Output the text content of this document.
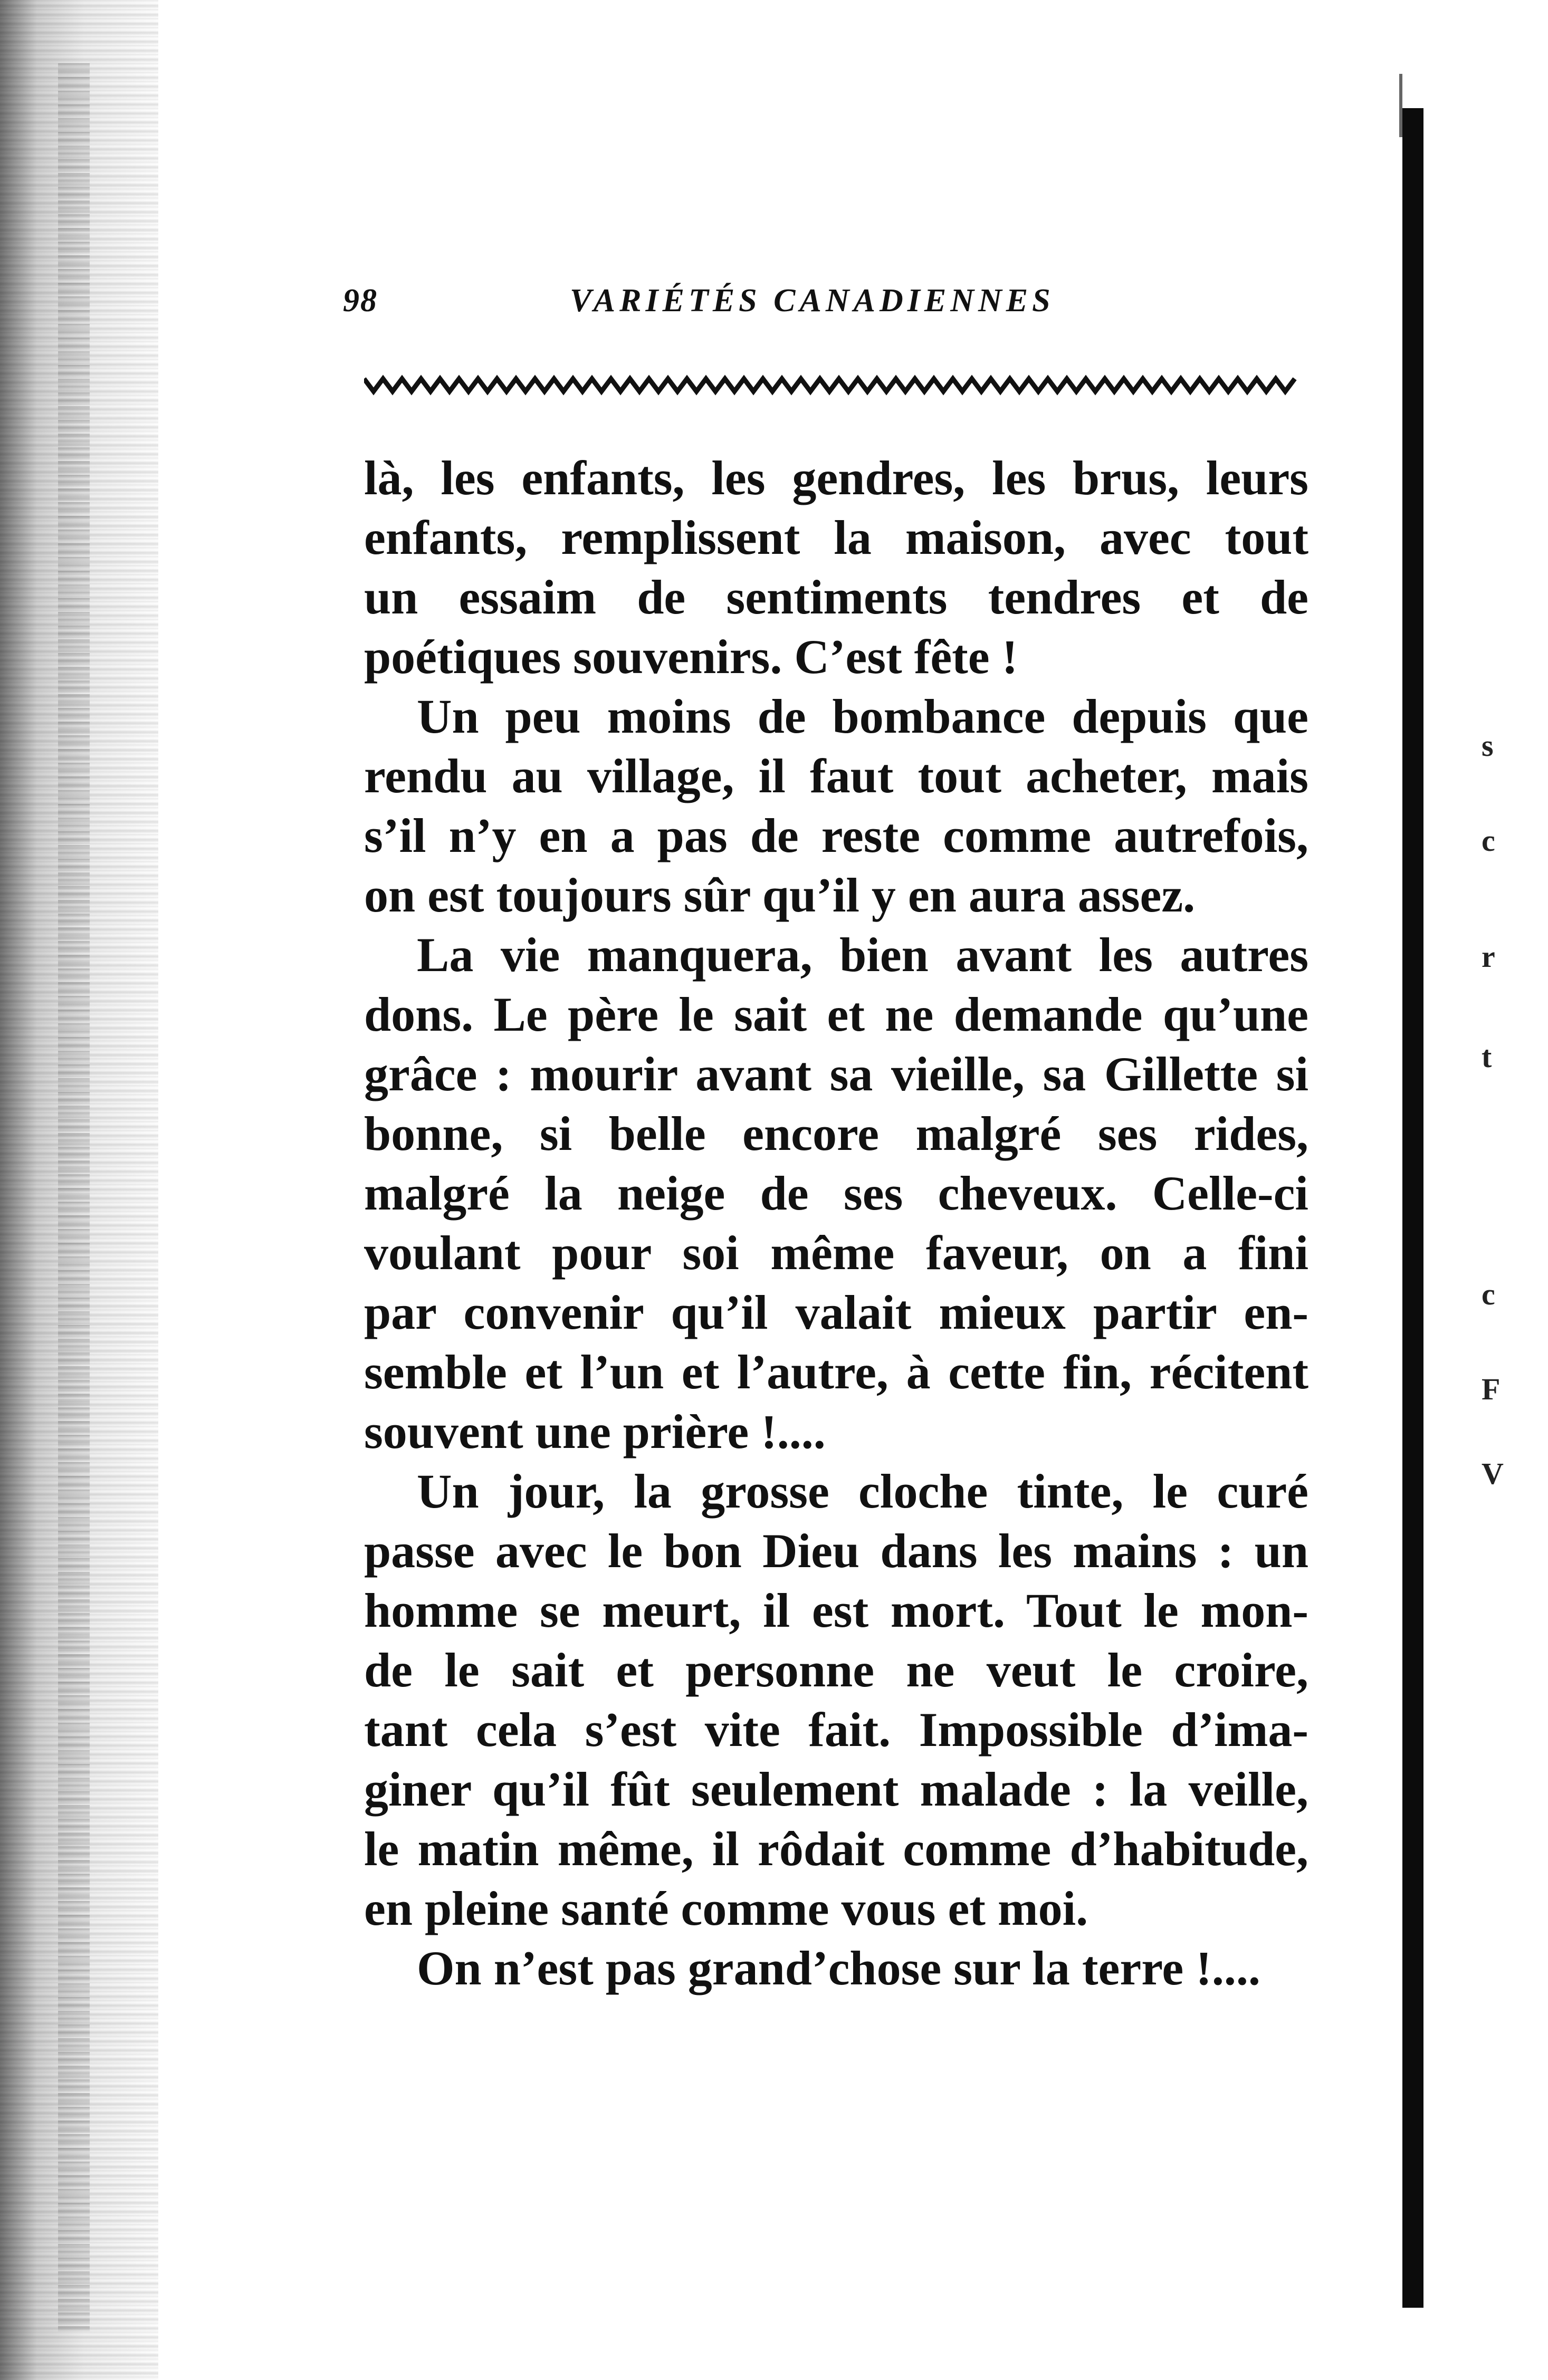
s
c
r
t
c
F
V
98	VARIÉTÉS CANADIENNES
là, les enfants, les gendres, les brus, leurs
enfants, remplissent la maison, avec tout
un essaim de sentiments tendres et de
poétiques souvenirs. C’est fête !
Un peu moins de bombance depuis que
rendu au village, il faut tout acheter, mais
s’il n’y en a pas de reste comme autrefois,
on est toujours sûr qu’il y en aura assez.
La vie manquera, bien avant les autres
dons. Le père le sait et ne demande qu’une
grâce : mourir avant sa vieille, sa Gillette si
bonne, si belle encore malgré ses rides,
malgré la neige de ses cheveux. Celle-ci
voulant pour soi même faveur, on a fini
par convenir qu’il valait mieux partir en-
semble et l’un et l’autre, à cette fin, récitent
souvent une prière !....
Un jour, la grosse cloche tinte, le curé
passe avec le bon Dieu dans les mains : un
homme se meurt, il est mort. Tout le mon-
de le sait et personne ne veut le croire,
tant cela s’est vite fait. Impossible d’ima-
giner qu’il fût seulement malade : la veille,
le matin même, il rôdait comme d’habitude,
en pleine santé comme vous et moi.
On n’est pas grand’chose sur la terre !....
